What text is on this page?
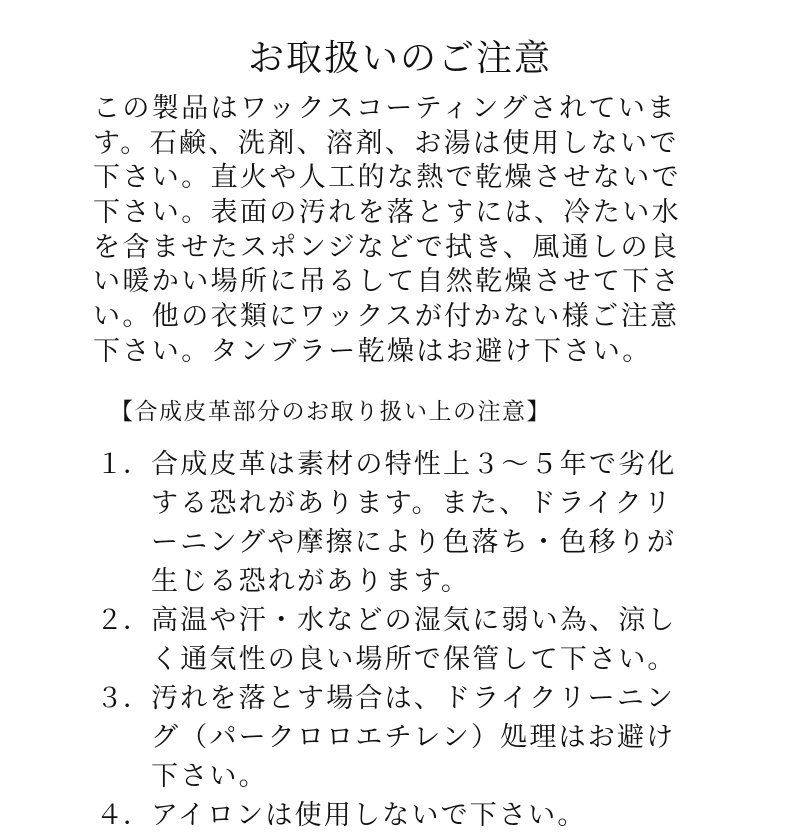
お取扱いのご注意
この製品はワックスコーティングされていま
す。石鹸、洗剤、溶剤、お湯は使用しないで
下さい。直火や人工的な熱で乾燥させないで
下さい。表面の汚れを落とすには、冷たい水
を含ませたスポンジなどで拭き、風通しの良
い暖かい場所に吊るして自然乾燥させて下さ
い。他の衣類にワックスが付かない様ご注意
下さい。タンブラー乾燥はお避け下さい。
【合成皮革部分のお取り扱い上の注意】
１． 合成皮革は素材の特性上３～５年で劣化
する恐れがあります。また、ドライクリ
ーニングや摩擦により色落ち・色移りが
生じる恐れがあります。
２． 高温や汗・水などの湿気に弱い為、涼し
く通気性の良い場所で保管して下さい。
３． 汚れを落とす場合は、ドライクリーニン
グ（パークロロエチレン）処理はお避け
下さい。
４． アイロンは使用しないで下さい。
